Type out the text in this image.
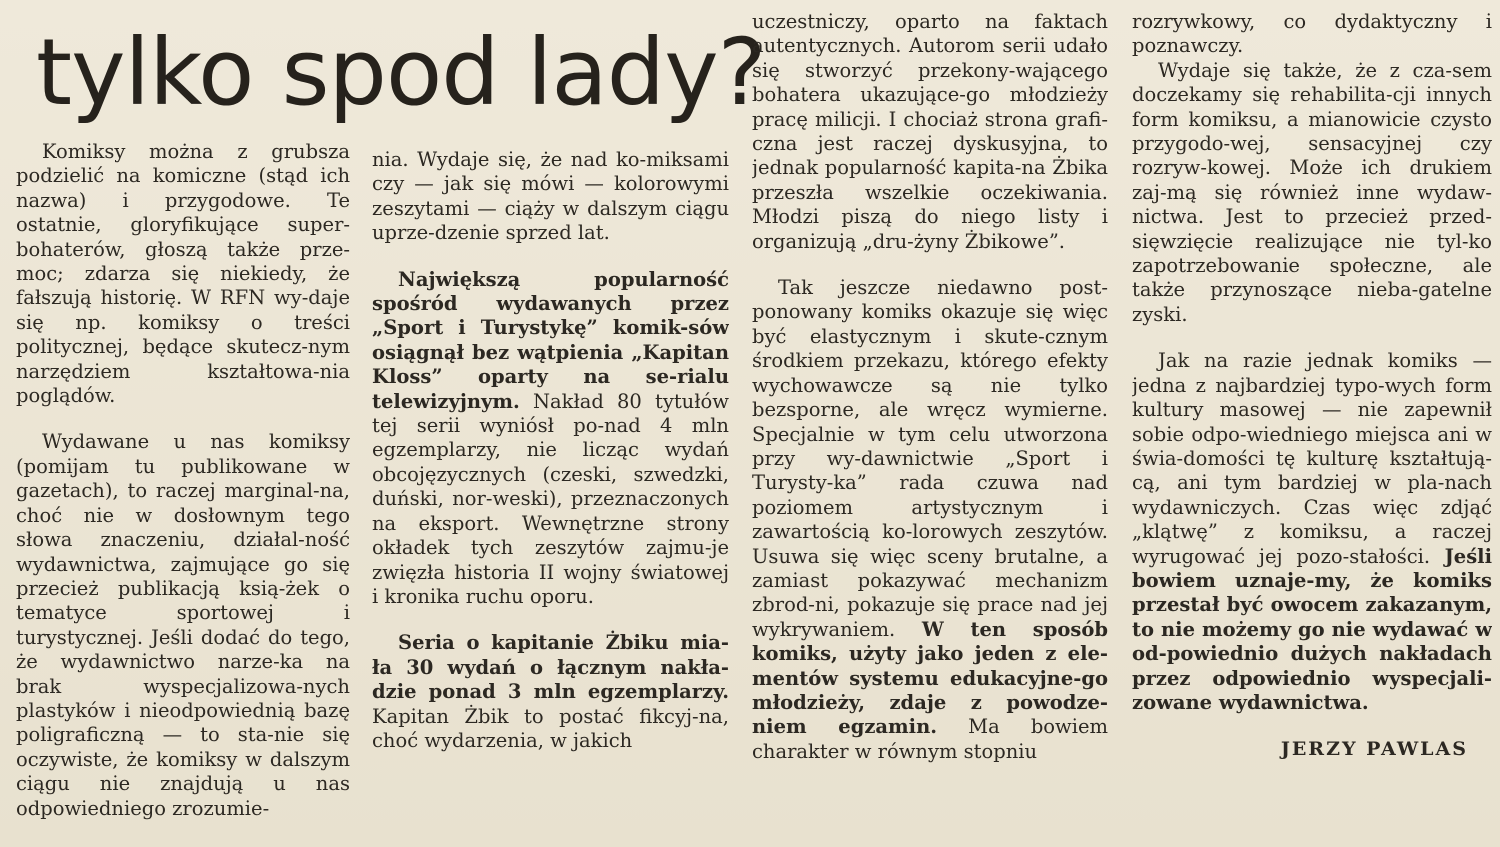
tylko spod lady?

Komiksy można z grubsza podzielić na komiczne (stąd ich nazwa) i przygodowe. Te ostatnie, gloryfikujące super-bohaterów, głoszą także prze-moc; zdarza się niekiedy, że fałszują historię. W RFN wy-daje się np. komiksy o treści politycznej, będące skutecz-nym narzędziem kształtowa-nia poglądów.

Wydawane u nas komiksy (pomijam tu publikowane w gazetach), to raczej marginal-na, choć nie w dosłownym tego słowa znaczeniu, działal-ność wydawnictwa, zajmujące go się przecież publikacją ksią-żek o tematyce sportowej i turystycznej. Jeśli dodać do tego, że wydawnictwo narze-ka na brak wyspecjalizowa-nych plastyków i nieodpowiednią bazę poligraficzną — to sta-nie się oczywiste, że komiksy w dalszym ciągu nie znajdują u nas odpowiedniego zrozumie-

nia. Wydaje się, że nad ko-miksami czy — jak się mówi — kolorowymi zeszytami — ciąży w dalszym ciągu uprze-dzenie sprzed lat.

Największą popularność spośród wydawanych przez „Sport i Turystykę” komik-sów osiągnął bez wątpienia „Kapitan Kloss” oparty na se-rialu telewizyjnym. Nakład 80 tytułów tej serii wyniósł po-nad 4 mln egzemplarzy, nie licząc wydań obcojęzycznych (czeski, szwedzki, duński, nor-weski), przeznaczonych na eksport. Wewnętrzne strony okładek tych zeszytów zajmu-je zwięzła historia II wojny światowej i kronika ruchu oporu.

Seria o kapitanie Żbiku mia-ła 30 wydań o łącznym nakła-dzie ponad 3 mln egzemplarzy. Kapitan Żbik to postać fikcyj-na, choć wydarzenia, w jakich

uczestniczy, oparto na faktach autentycznych. Autorom serii udało się stworzyć przekony-wającego bohatera ukazujące-go młodzieży pracę milicji. I chociaż strona grafi-czna jest raczej dyskusyjna, to jednak popularność kapita-na Żbika przeszła wszelkie oczekiwania. Młodzi piszą do niego listy i organizują „dru-żyny Żbikowe”.

Tak jeszcze niedawno post-ponowany komiks okazuje się więc być elastycznym i skute-cznym środkiem przekazu, którego efekty wychowawcze są nie tylko bezsporne, ale wręcz wymierne. Specjalnie w tym celu utworzona przy wy-dawnictwie „Sport i Turysty-ka” rada czuwa nad poziomem artystycznym i zawartością ko-lorowych zeszytów. Usuwa się więc sceny brutalne, a zamiast pokazywać mechanizm zbrod-ni, pokazuje się prace nad jej wykrywaniem. W ten sposób komiks, użyty jako jeden z ele-mentów systemu edukacyjne-go młodzieży, zdaje z powodze-niem egzamin. Ma bowiem charakter w równym stopniu

rozrywkowy, co dydaktyczny i poznawczy.

Wydaje się także, że z cza-sem doczekamy się rehabilita-cji innych form komiksu, a mianowicie czysto przygodo-wej, sensacyjnej czy rozryw-kowej. Może ich drukiem zaj-mą się również inne wydaw-nictwa. Jest to przecież przed-sięwzięcie realizujące nie tyl-ko zapotrzebowanie społeczne, ale także przynoszące nieba-gatelne zyski.

Jak na razie jednak komiks — jedna z najbardziej typo-wych form kultury masowej — nie zapewnił sobie odpo-wiedniego miejsca ani w świa-domości tę kulturę kształtują-cą, ani tym bardziej w pla-nach wydawniczych. Czas więc zdjąć „klątwę” z komiksu, a raczej wyrugować jej pozo-stałości. Jeśli bowiem uznaje-my, że komiks przestał być owocem zakazanym, to nie możemy go nie wydawać w od-powiednio dużych nakładach przez odpowiednio wyspecjali-zowane wydawnictwa.

JERZY PAWLAS
